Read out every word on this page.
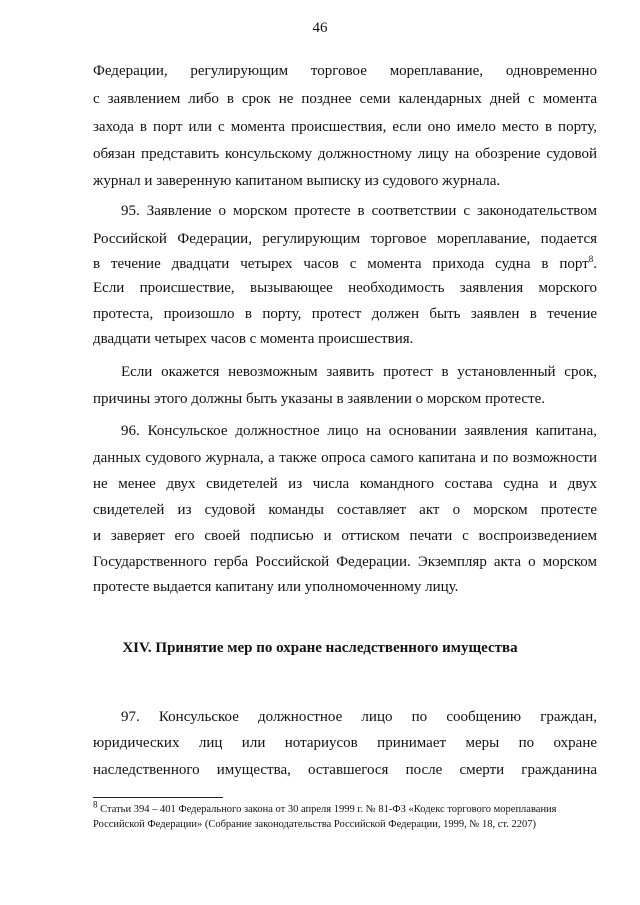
46
Федерации, регулирующим торговое мореплавание, одновременно
с заявлением либо в срок не позднее семи календарных дней с момента
захода в порт или с момента происшествия, если оно имело место в порту,
обязан представить консульскому должностному лицу на обозрение судовой
журнал и заверенную капитаном выписку из судового журнала.
95. Заявление о морском протесте в соответствии с законодательством
Российской Федерации, регулирующим торговое мореплавание, подается
в течение двадцати четырех часов с момента прихода судна в порт$^8$.
Если происшествие, вызывающее необходимость заявления морского
протеста, произошло в порту, протест должен быть заявлен в течение
двадцати четырех часов с момента происшествия.
Если окажется невозможным заявить протест в установленный срок,
причины этого должны быть указаны в заявлении о морском протесте.
96. Консульское должностное лицо на основании заявления капитана,
данных судового журнала, а также опроса самого капитана и по возможности
не менее двух свидетелей из числа командного состава судна и двух
свидетелей из судовой команды составляет акт о морском протесте
и заверяет его своей подписью и оттиском печати с воспроизведением
Государственного герба Российской Федерации. Экземпляр акта о морском
протесте выдается капитану или уполномоченному лицу.
97. Консульское должностное лицо по сообщению граждан,
юридических лиц или нотариусов принимает меры по охране
наследственного имущества, оставшегося после смерти гражданина
XIV. Принятие мер по охране наследственного имущества
$^8$ Статьи 394 – 401 Федерального закона от 30 апреля 1999 г. № 81-ФЗ «Кодекс торгового мореплавания
Российской Федерации» (Собрание законодательства Российской Федерации, 1999, № 18, ст. 2207)
